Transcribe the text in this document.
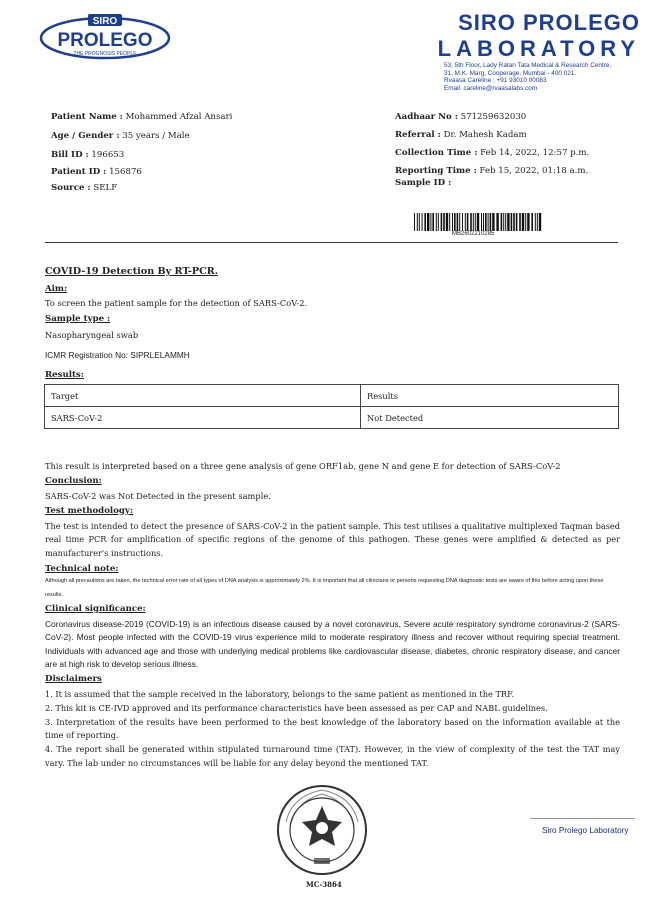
SIRO
PROLEGO
THE PROGNOSIS PEOPLE
SIRO PROLEGO
LABORATORY
53, 5th Floor, Lady Ratan Tata Medical & Research Centre,
31, M.K. Marg, Cooperage, Mumbai - 400 021.
Rvaasa Careline : +91 93010 00083
Email: careline@rvaasalabs.com
Patient Name : Mohammed Afzal Ansari
Age / Gender : 35 years / Male
Bill ID : 196653
Patient ID : 156876
Source : SELF
Aadhaar No : 571259632030
Referral : Dr. Mahesh Kadam
Collection Time : Feb 14, 2022, 12:57 p.m.
Reporting Time : Feb 15, 2022, 01:18 a.m.
Sample ID :
MB2602210285
COVID-19 Detection By RT-PCR.
Aim:
To screen the patient sample for the detection of SARS-CoV-2.
Sample type :
Nasopharyngeal swab
ICMR Registration No: SIPRLELAMMH
Results:
Target	Results
SARS-CoV-2	Not Detected
This result is interpreted based on a three gene analysis of gene ORF1ab, gene N and gene E for detection of SARS-CoV-2
Conclusion:
SARS-CoV-2 was Not Detected in the present sample.
Test methodology:
The test is intended to detect the presence of SARS-CoV-2 in the patient sample. This test utilises a qualitative multiplexed Taqman based real time PCR for amplification of specific regions of the genome of this pathogen. These genes were amplified & detected as per manufacturer's instructions.
Technical note:
Although all precautions are taken, the technical error rate of all types of DNA analysis is approximately 2%. It is important that all clinicians or persons requesting DNA diagnostic tests are aware of this before acting upon these results.
Clinical significance:
Coronavirus disease-2019 (COVID-19) is an infectious disease caused by a novel coronavirus, Severe acute respiratory syndrome coronavirus-2 (SARS-CoV-2). Most people infected with the COVID-19 virus experience mild to moderate respiratory illness and recover without requiring special treatment. Individuals with advanced age and those with underlying medical problems like cardiovascular disease, diabetes, chronic respiratory disease, and cancer are at high risk to develop serious illness.
Disclaimers
1. It is assumed that the sample received in the laboratory, belongs to the same patient as mentioned in the TRF.
2. This kit is CE-IVD approved and its performance characteristics have been assessed as per CAP and NABL guidelines.
3. Interpretation of the results have been performed to the best knowledge of the laboratory based on the information available at the time of reporting.
4. The report shall be generated within stipulated turnaround time (TAT). However, in the view of complexity of the test the TAT may vary. The lab under no circumstances will be liable for any delay beyond the mentioned TAT.
MC-3864
Siro Prolego Laboratory
